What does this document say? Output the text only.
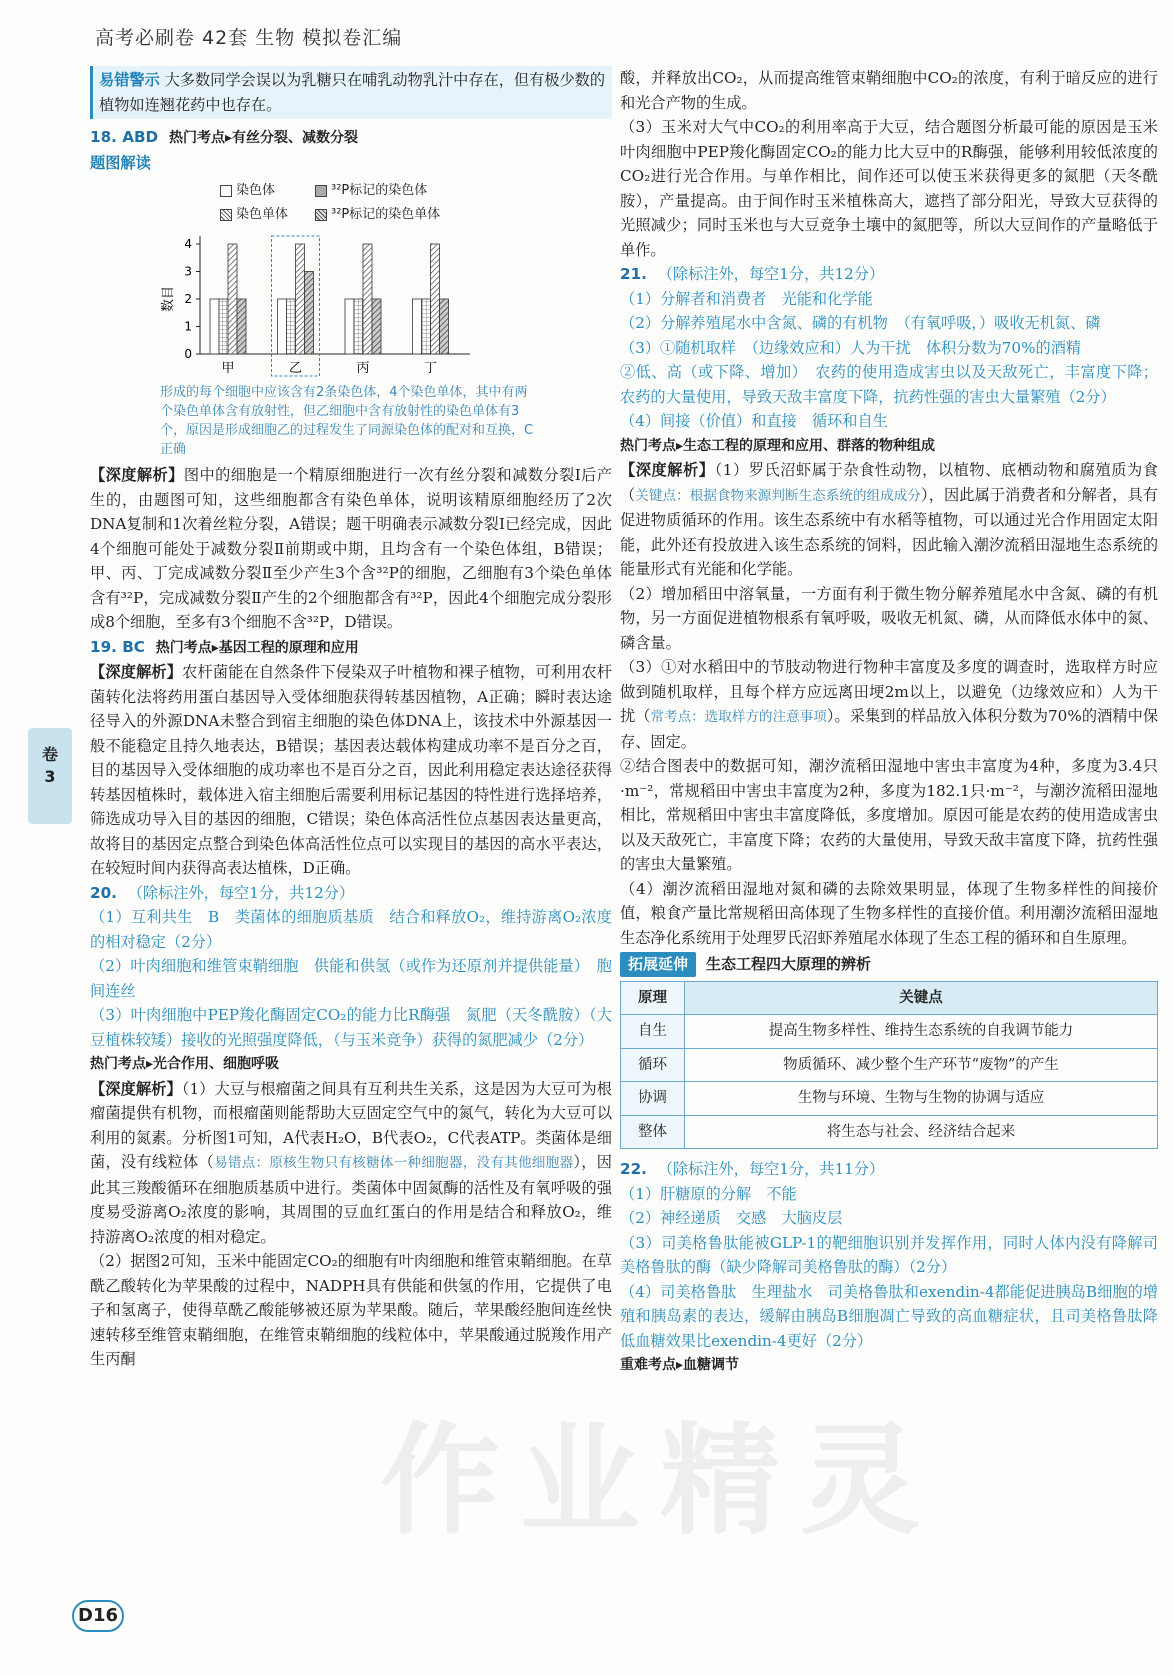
高考必刷卷 42套 生物 模拟卷汇编
易错警示 大多数同学会误以为乳糖只在哺乳动物乳汁中存在，但有极少数的植物如连翘花药中也存在。
18. ABD 热门考点▸有丝分裂、减数分裂
题图解读
染色体	³²P标记的染色体
染色单体	³²P标记的染色单体
0
1
2
3
4
数目
甲	乙	丙	丁
形成的每个细胞中应该含有2条染色体，4个染色单体，其中有两个染色单体含有放射性，但乙细胞中含有放射性的染色单体有3个，原因是形成细胞乙的过程发生了同源染色体的配对和互换，C正确

【深度解析】图中的细胞是一个精原细胞进行一次有丝分裂和减数分裂Ⅰ后产生的，由题图可知，这些细胞都含有染色单体，说明该精原细胞经历了2次DNA复制和1次着丝粒分裂，A错误；题干明确表示减数分裂Ⅰ已经完成，因此4个细胞可能处于减数分裂Ⅱ前期或中期，且均含有一个染色体组，B错误；甲、丙、丁完成减数分裂Ⅱ至少产生3个含³²P的细胞，乙细胞有3个染色单体含有³²P，完成减数分裂Ⅱ产生的2个细胞都含有³²P，因此4个细胞完成分裂形成8个细胞，至多有3个细胞不含³²P，D错误。

19. BC 热门考点▸基因工程的原理和应用

【深度解析】农杆菌能在自然条件下侵染双子叶植物和裸子植物，可利用农杆菌转化法将药用蛋白基因导入受体细胞获得转基因植物，A正确；瞬时表达途径导入的外源DNA未整合到宿主细胞的染色体DNA上，该技术中外源基因一般不能稳定且持久地表达，B错误；基因表达载体构建成功率不是百分之百，目的基因导入受体细胞的成功率也不是百分之百，因此利用稳定表达途径获得转基因植株时，载体进入宿主细胞后需要利用标记基因的特性进行选择培养，筛选成功导入目的基因的细胞，C错误；染色体高活性位点基因表达量更高，故将目的基因定点整合到染色体高活性位点可以实现目的基因的高水平表达，在较短时间内获得高表达植株，D正确。

20. （除标注外，每空1分，共12分）

（1）互利共生　B　类菌体的细胞质基质　结合和释放O₂，维持游离O₂浓度的相对稳定（2分）

（2）叶肉细胞和维管束鞘细胞　供能和供氢（或作为还原剂并提供能量）　胞间连丝

（3）叶肉细胞中PEP羧化酶固定CO₂的能力比R酶强　氮肥（天冬酰胺）（大豆植株较矮）接收的光照强度降低，（与玉米竞争）获得的氮肥减少（2分）

热门考点▸光合作用、细胞呼吸

【深度解析】（1）大豆与根瘤菌之间具有互利共生关系，这是因为大豆可为根瘤菌提供有机物，而根瘤菌则能帮助大豆固定空气中的氮气，转化为大豆可以利用的氮素。分析图1可知，A代表H₂O，B代表O₂，C代表ATP。类菌体是细菌，没有线粒体（易错点：原核生物只有核糖体一种细胞器，没有其他细胞器），因此其三羧酸循环在细胞质基质中进行。类菌体中固氮酶的活性及有氧呼吸的强度易受游离O₂浓度的影响，其周围的豆血红蛋白的作用是结合和释放O₂，维持游离O₂浓度的相对稳定。

（2）据图2可知，玉米中能固定CO₂的细胞有叶肉细胞和维管束鞘细胞。在草酰乙酸转化为苹果酸的过程中，NADPH具有供能和供氢的作用，它提供了电子和氢离子，使得草酰乙酸能够被还原为苹果酸。随后，苹果酸经胞间连丝快速转移至维管束鞘细胞，在维管束鞘细胞的线粒体中，苹果酸通过脱羧作用产生丙酮

酸，并释放出CO₂，从而提高维管束鞘细胞中CO₂的浓度，有利于暗反应的进行和光合产物的生成。

（3）玉米对大气中CO₂的利用率高于大豆，结合题图分析最可能的原因是玉米叶肉细胞中PEP羧化酶固定CO₂的能力比大豆中的R酶强，能够利用较低浓度的CO₂进行光合作用。与单作相比，间作还可以使玉米获得更多的氮肥（天冬酰胺），产量提高。由于间作时玉米植株高大，遮挡了部分阳光，导致大豆获得的光照减少；同时玉米也与大豆竞争土壤中的氮肥等，所以大豆间作的产量略低于单作。

21. （除标注外，每空1分，共12分）

（1）分解者和消费者　光能和化学能

（2）分解养殖尾水中含氮、磷的有机物　（有氧呼吸，）吸收无机氮、磷

（3）①随机取样　（边缘效应和）人为干扰　体积分数为70%的酒精

②低、高（或下降、增加）　农药的使用造成害虫以及天敌死亡，丰富度下降；农药的大量使用，导致天敌丰富度下降，抗药性强的害虫大量繁殖（2分）

（4）间接（价值）和直接　循环和自生

热门考点▸生态工程的原理和应用、群落的物种组成

【深度解析】（1）罗氏沼虾属于杂食性动物，以植物、底栖动物和腐殖质为食（关键点：根据食物来源判断生态系统的组成成分），因此属于消费者和分解者，具有促进物质循环的作用。该生态系统中有水稻等植物，可以通过光合作用固定太阳能，此外还有投放进入该生态系统的饲料，因此输入潮汐流稻田湿地生态系统的能量形式有光能和化学能。

（2）增加稻田中溶氧量，一方面有利于微生物分解养殖尾水中含氮、磷的有机物，另一方面促进植物根系有氧呼吸，吸收无机氮、磷，从而降低水体中的氮、磷含量。

（3）①对水稻田中的节肢动物进行物种丰富度及多度的调查时，选取样方时应做到随机取样，且每个样方应远离田埂2m以上，以避免（边缘效应和）人为干扰（常考点：选取样方的注意事项）。采集到的样品放入体积分数为70%的酒精中保存、固定。

②结合图表中的数据可知，潮汐流稻田湿地中害虫丰富度为4种，多度为3.4只·m⁻²，常规稻田中害虫丰富度为2种，多度为182.1只·m⁻²，与潮汐流稻田湿地相比，常规稻田中害虫丰富度降低，多度增加。原因可能是农药的使用造成害虫以及天敌死亡，丰富度下降；农药的大量使用，导致天敌丰富度下降，抗药性强的害虫大量繁殖。

（4）潮汐流稻田湿地对氮和磷的去除效果明显，体现了生物多样性的间接价值，粮食产量比常规稻田高体现了生物多样性的直接价值。利用潮汐流稻田湿地生态净化系统用于处理罗氏沼虾养殖尾水体现了生态工程的循环和自生原理。

拓展延伸	生态工程四大原理的辨析
原理	关键点
自生	提高生物多样性、维持生态系统的自我调节能力
循环	物质循环、减少整个生产环节“废物”的产生
协调	生物与环境、生物与生物的协调与适应
整体	将生态与社会、经济结合起来
22. （除标注外，每空1分，共11分）

（1）肝糖原的分解　不能

（2）神经递质　交感　大脑皮层

（3）司美格鲁肽能被GLP-1的靶细胞识别并发挥作用，同时人体内没有降解司美格鲁肽的酶（缺少降解司美格鲁肽的酶）（2分）

（4）司美格鲁肽　生理盐水　司美格鲁肽和exendin-4都能促进胰岛B细胞的增殖和胰岛素的表达，缓解由胰岛B细胞凋亡导致的高血糖症状，且司美格鲁肽降低血糖效果比exendin-4更好（2分）

重难考点▸血糖调节
卷
3
D16
作业精灵
